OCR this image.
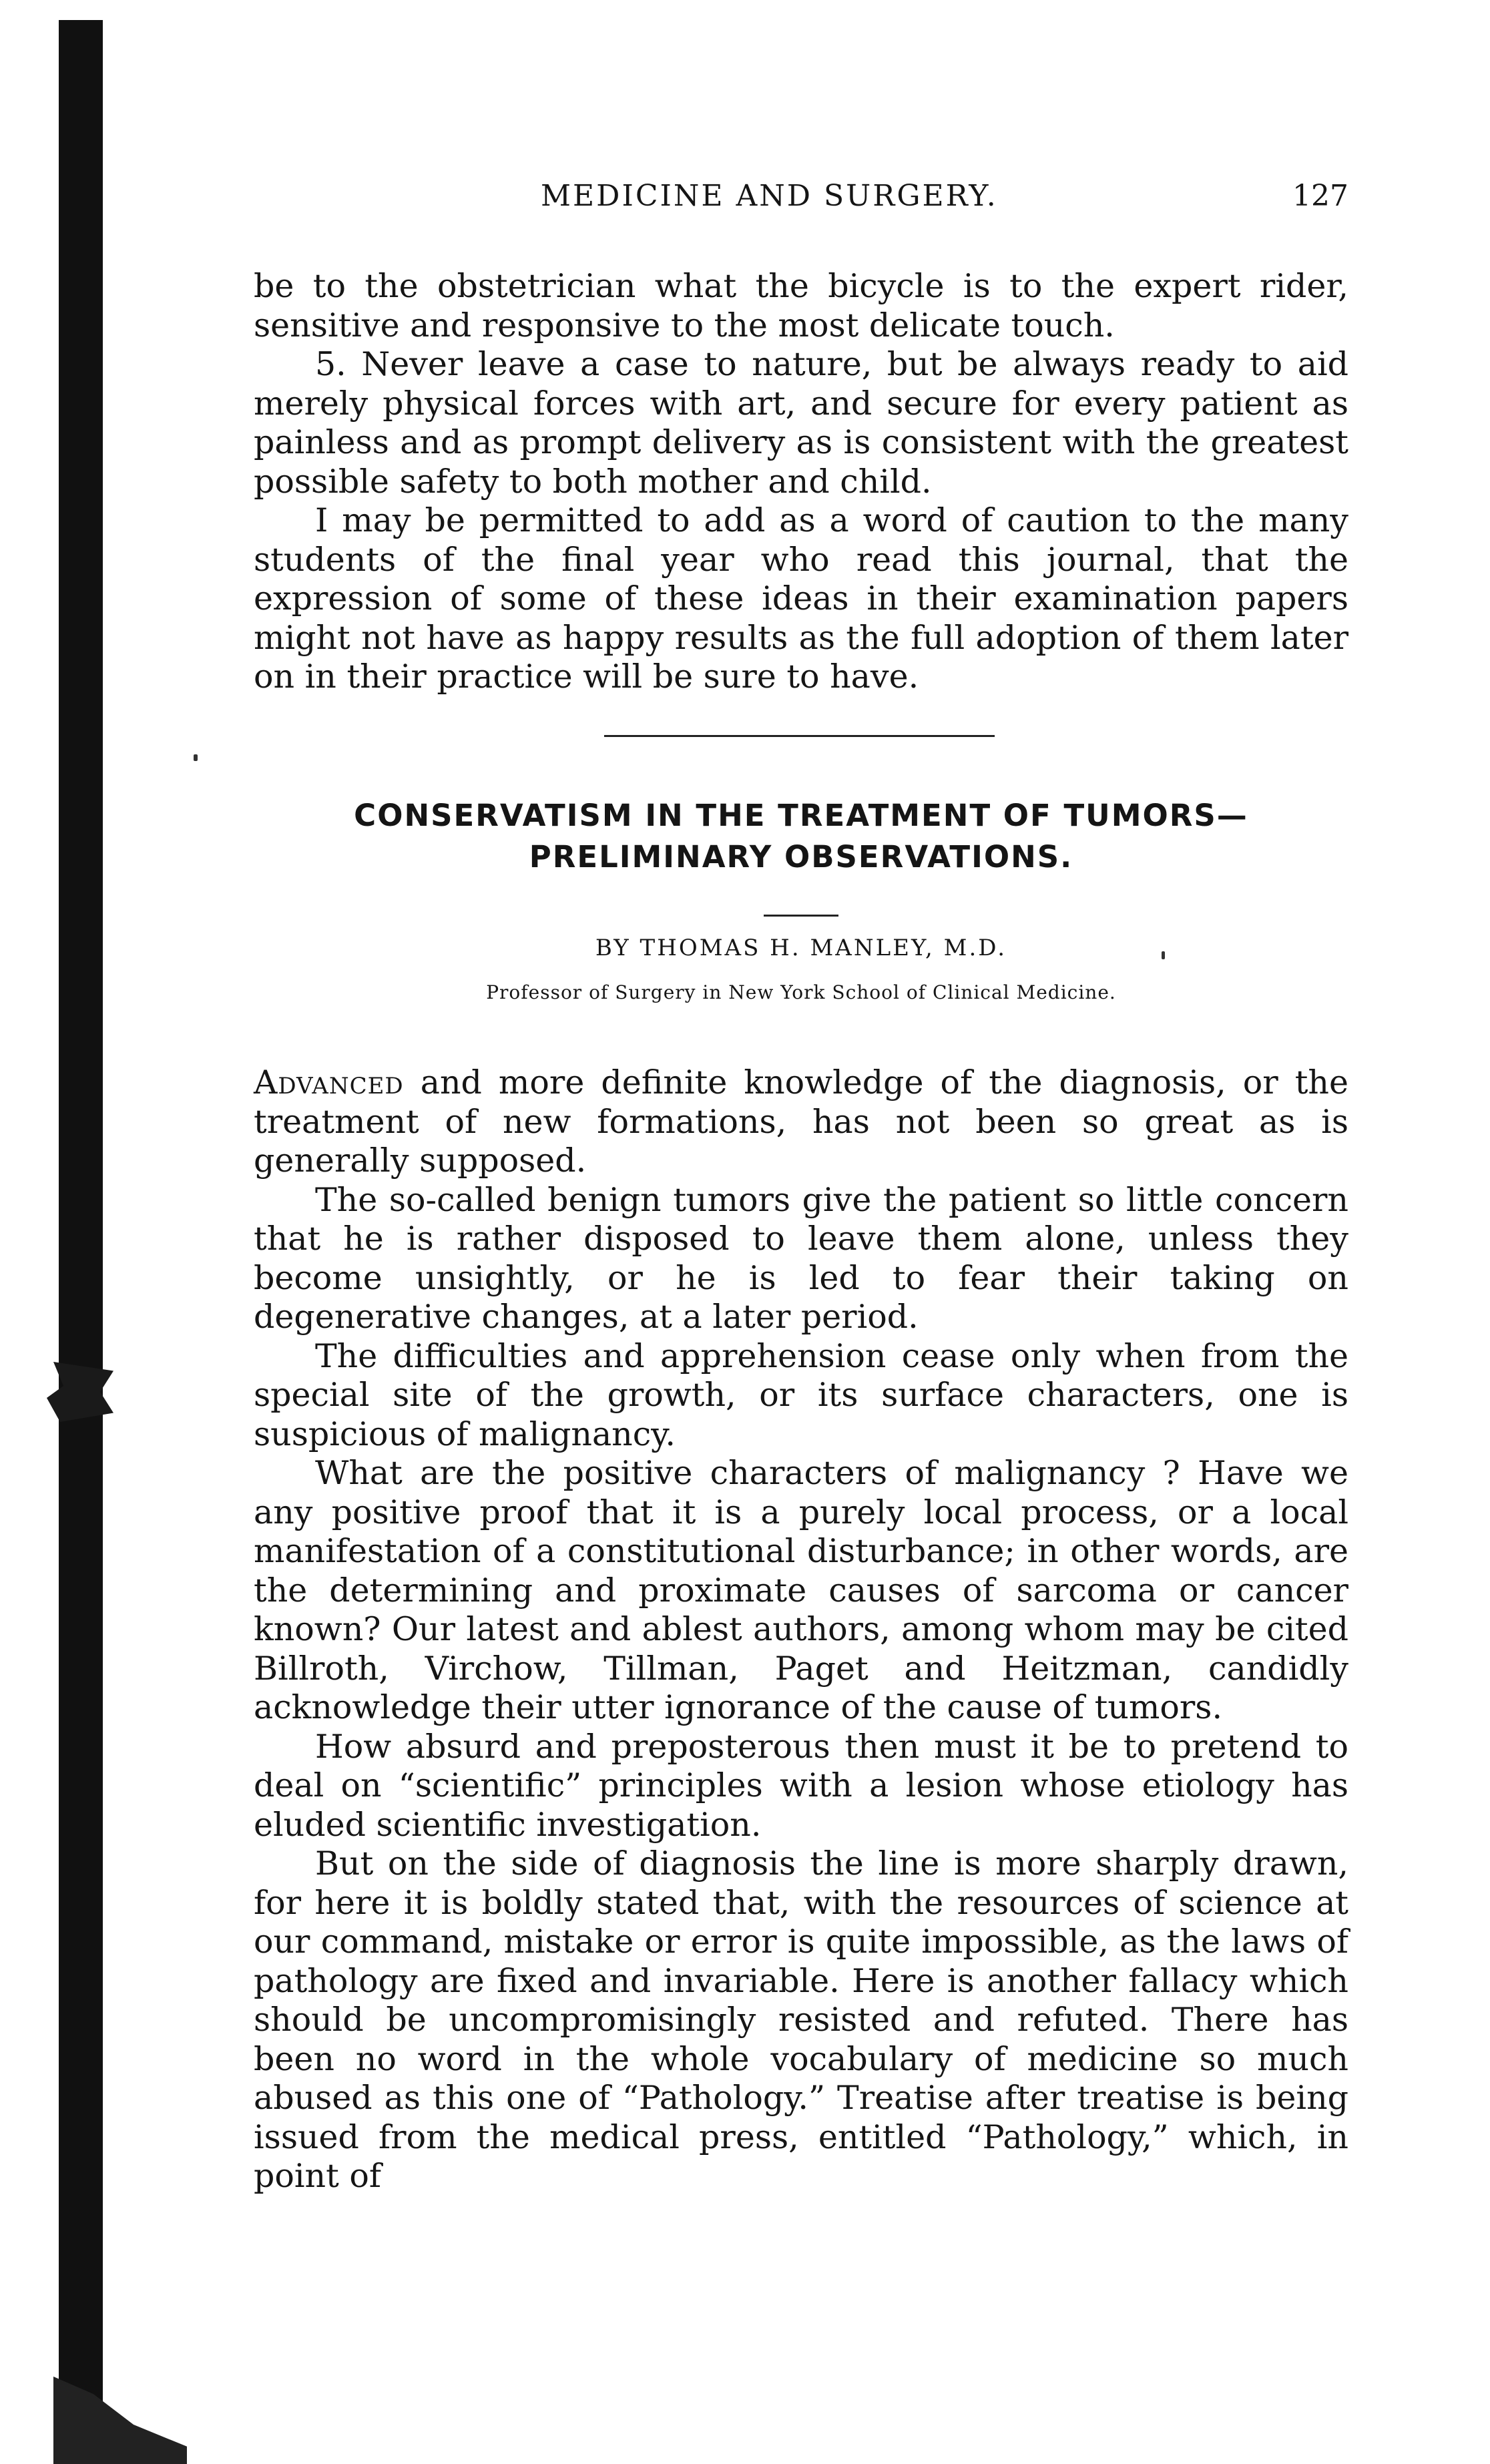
MEDICINE AND SURGERY.	127

be to the obstetrician what the bicycle is to the expert rider, sensitive and responsive to the most delicate touch.

5. Never leave a case to nature, but be always ready to aid merely physical forces with art, and secure for every patient as painless and as prompt delivery as is consistent with the greatest possible safety to both mother and child.

I may be permitted to add as a word of caution to the many students of the final year who read this journal, that the expression of some of these ideas in their examination papers might not have as happy results as the full adoption of them later on in their practice will be sure to have.

CONSERVATISM IN THE TREATMENT OF TUMORS—
PRELIMINARY OBSERVATIONS.
BY THOMAS H. MANLEY, M.D.
Professor of Surgery in New York School of Clinical Medicine.

Advanced and more definite knowledge of the diagnosis, or the treatment of new formations, has not been so great as is generally supposed.

The so-called benign tumors give the patient so little concern that he is rather disposed to leave them alone, unless they become unsightly, or he is led to fear their taking on degenerative changes, at a later period.

The difficulties and apprehension cease only when from the special site of the growth, or its surface characters, one is suspicious of malignancy.

What are the positive characters of malignancy ? Have we any positive proof that it is a purely local process, or a local manifestation of a constitutional disturbance; in other words, are the determining and proximate causes of sarcoma or cancer known? Our latest and ablest authors, among whom may be cited Billroth, Virchow, Tillman, Paget and Heitzman, candidly acknowledge their utter ignorance of the cause of tumors.

How absurd and preposterous then must it be to pretend to deal on “scientific” principles with a lesion whose etiology has eluded scientific investigation.

But on the side of diagnosis the line is more sharply drawn, for here it is boldly stated that, with the resources of science at our command, mistake or error is quite impossible, as the laws of pathology are fixed and invariable. Here is another fallacy which should be uncompromisingly resisted and refuted. There has been no word in the whole vocabulary of medicine so much abused as this one of “Pathology.” Treatise after treatise is being issued from the medical press, entitled “Pathology,” which, in point of
